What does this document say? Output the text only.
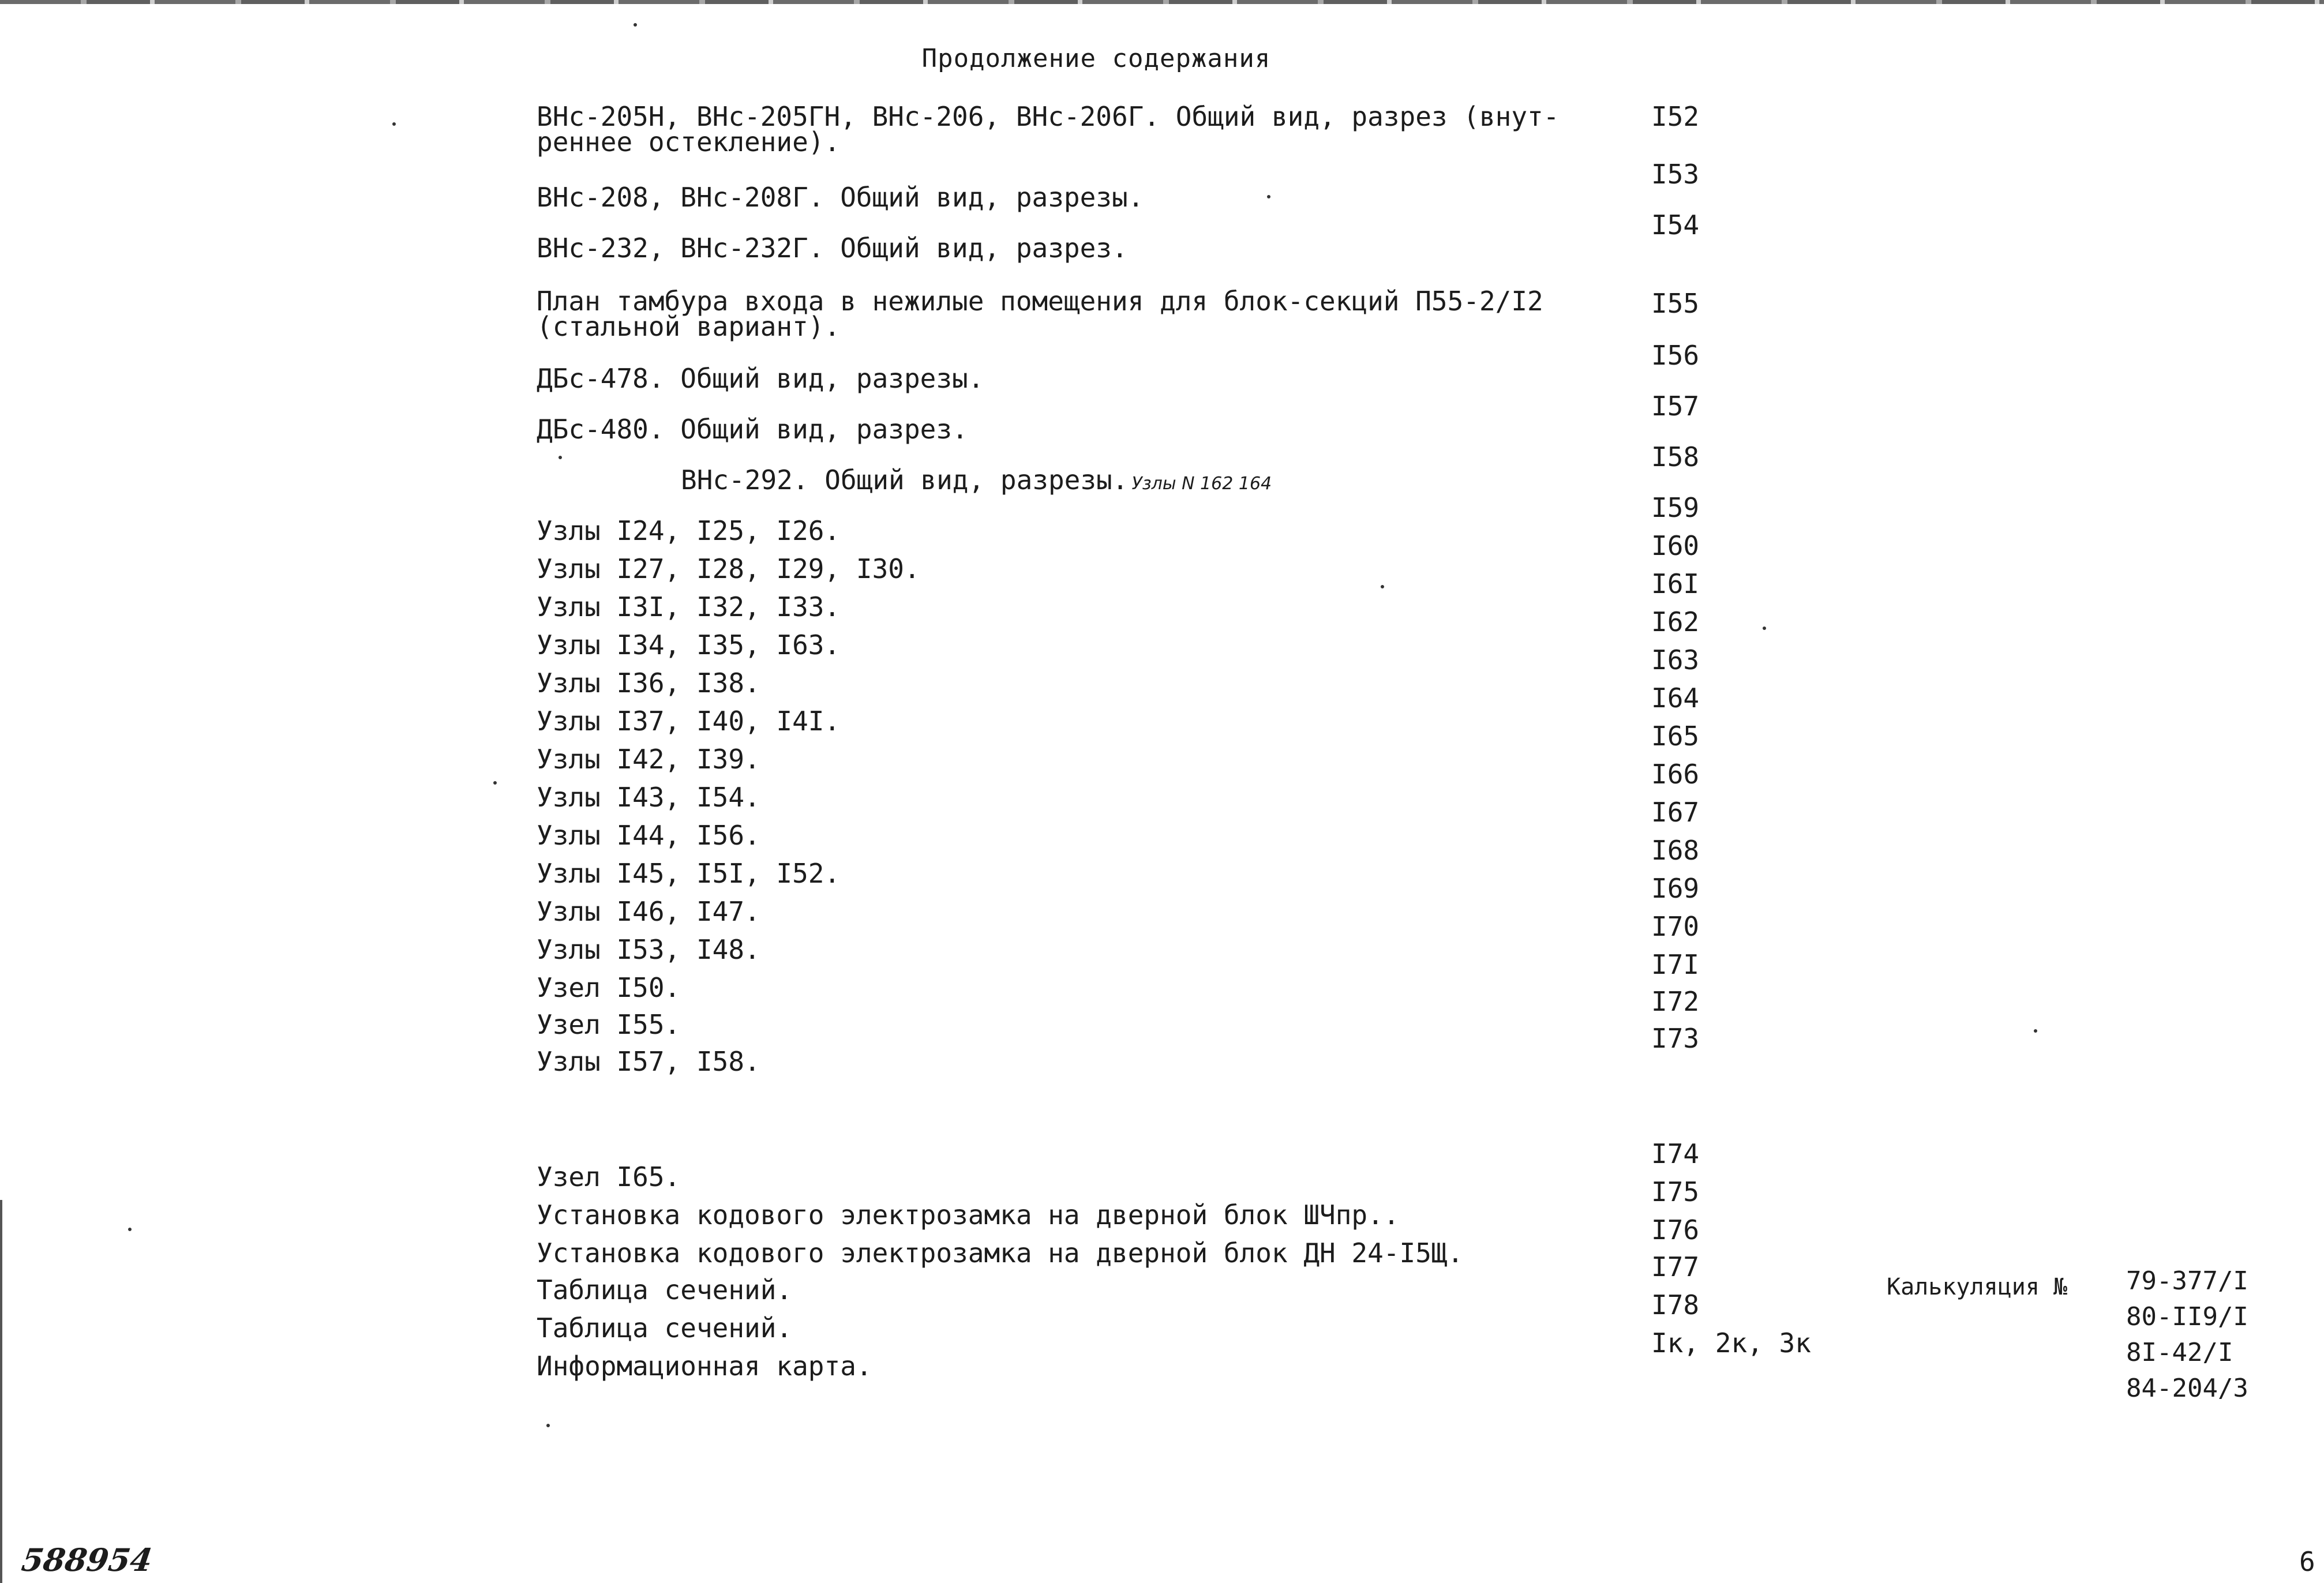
Продолжение содержания
ВНс-205Н, ВНс-205ГН, ВНс-206, ВНс-206Г. Общий вид, разрез (внут-
реннее остекление).
I52
ВНс-208, ВНс-208Г. Общий вид, разрезы.
I53
ВНс-232, ВНс-232Г. Общий вид, разрез.
I54
План тамбура входа в нежилые помещения для блок-секций П55-2/I2
(стальной вариант).
I55
ДБс-478. Общий вид, разрезы.
I56
ДБс-480. Общий вид, разрез.
I57
ВНс-292. Общий вид, разрезы. Узлы N 162 164
I58
Узлы I24, I25, I26.
I59
Узлы I27, I28, I29, I30.
I60
Узлы I3I, I32, I33.
I6I
Узлы I34, I35, I63.
I62
Узлы I36, I38.
I63
Узлы I37, I40, I4I.
I64
Узлы I42, I39.
I65
Узлы I43, I54.
I66
Узлы I44, I56.
I67
Узлы I45, I5I, I52.
I68
Узлы I46, I47.
I69
Узлы I53, I48.
I70
Узел I50.
I7I
Узел I55.
I72
Узлы I57, I58.
I73
Узел I65.
I74
Установка кодового электрозамка на дверной блок ШЧпр..
I75
Установка кодового электрозамка на дверной блок ДН 24-I5Щ.
I76
Таблица сечений.
I77
Таблица сечений.
I78
Информационная карта.
Iк, 2к, 3к
Калькуляция № 79-377/I
80-II9/I
8I-42/I
84-204/3
588954	6
